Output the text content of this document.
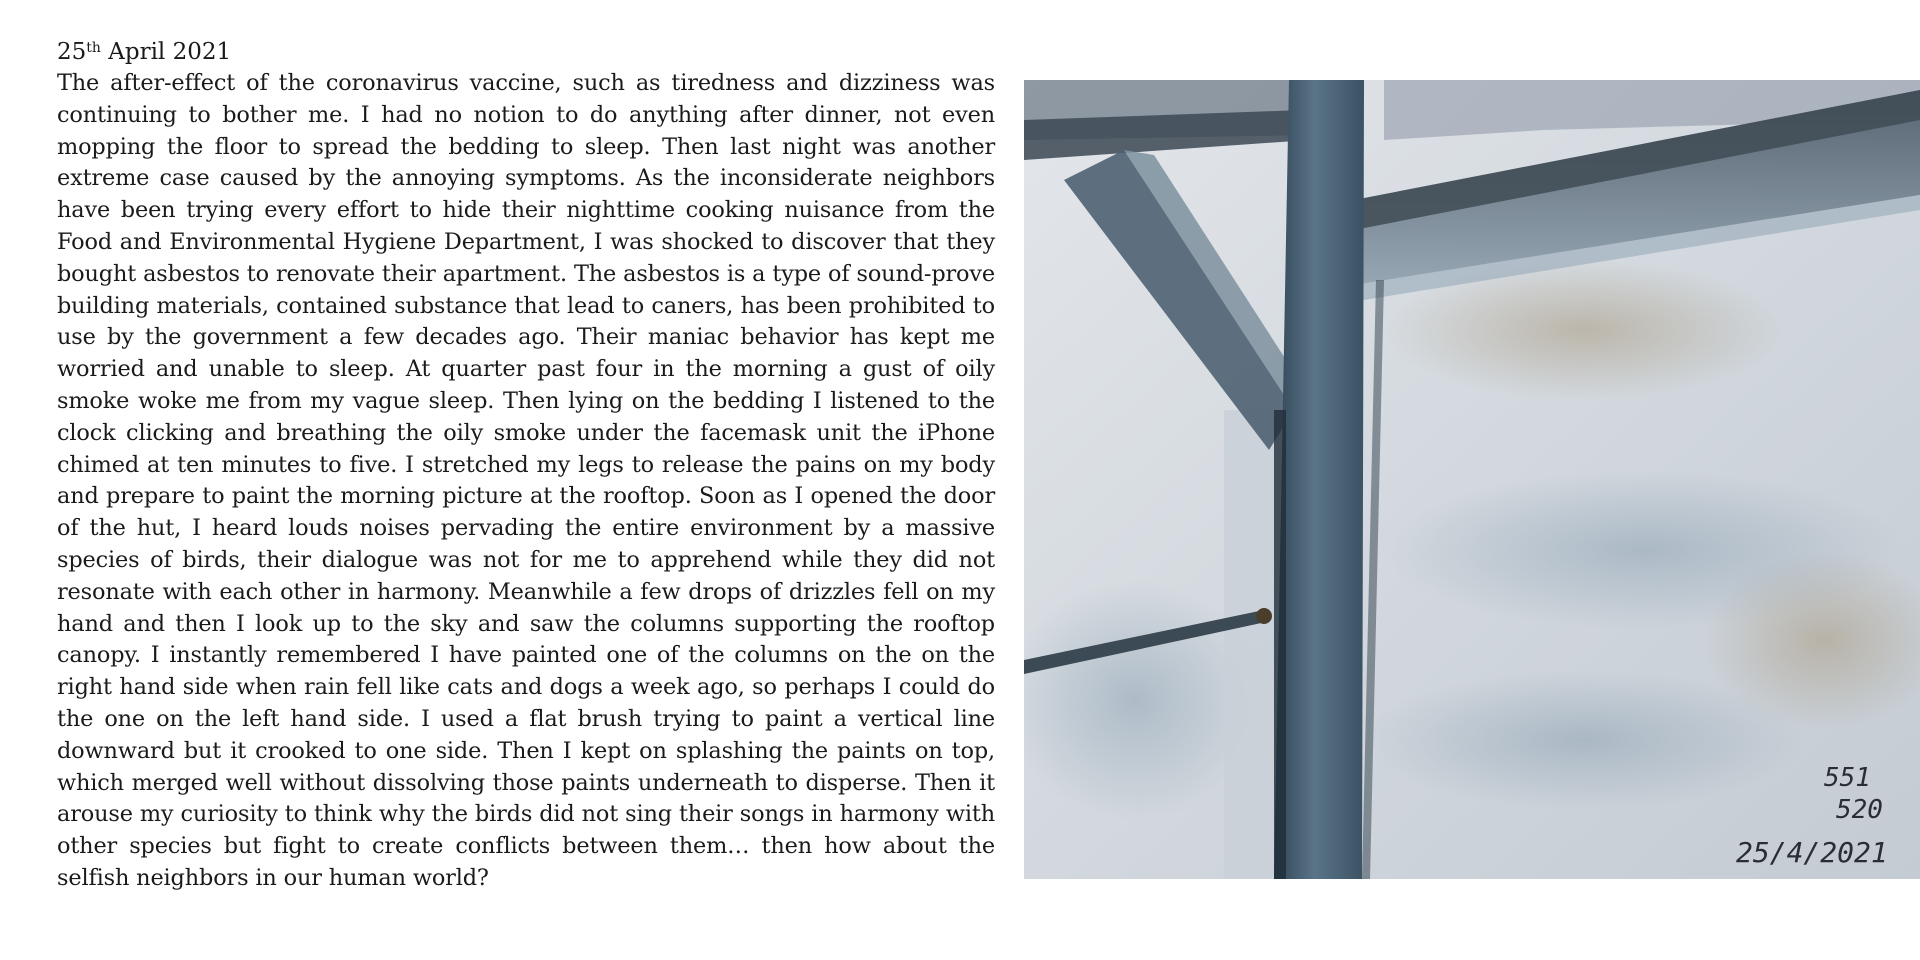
25th April 2021

The after-effect of the coronavirus vaccine, such as tiredness and dizziness was continuing to bother me. I had no notion to do anything after dinner, not even mopping the floor to spread the bedding to sleep. Then last night was another extreme case caused by the annoying symptoms. As the inconsiderate neighbors have been trying every effort to hide their nighttime cooking nuisance from the Food and Environmental Hygiene Department, I was shocked to discover that they bought asbestos to renovate their apartment. The asbestos is a type of sound-prove building materials, contained substance that lead to caners, has been prohibited to use by the government a few decades ago. Their maniac behavior has kept me worried and unable to sleep. At quarter past four in the morning a gust of oily smoke woke me from my vague sleep. Then lying on the bedding I listened to the clock clicking and breathing the oily smoke under the facemask unit the iPhone chimed at ten minutes to five. I stretched my legs to release the pains on my body and prepare to paint the morning picture at the rooftop. Soon as I opened the door of the hut, I heard louds noises pervading the entire environment by a massive species of birds, their dialogue was not for me to apprehend while they did not resonate with each other in harmony. Meanwhile a few drops of drizzles fell on my hand and then I look up to the sky and saw the columns supporting the rooftop canopy. I instantly remembered I have painted one of the columns on the on the right hand side when rain fell like cats and dogs a week ago, so perhaps I could do the one on the left hand side. I used a flat brush trying to paint a vertical line downward but it crooked to one side. Then I kept on splashing the paints on top, which merged well without dissolving those paints underneath to disperse. Then it arouse my curiosity to think why the birds did not sing their songs in harmony with other species but fight to create conflicts between them… then how about the selfish neighbors in our human world?

551
520
25/4/2021
